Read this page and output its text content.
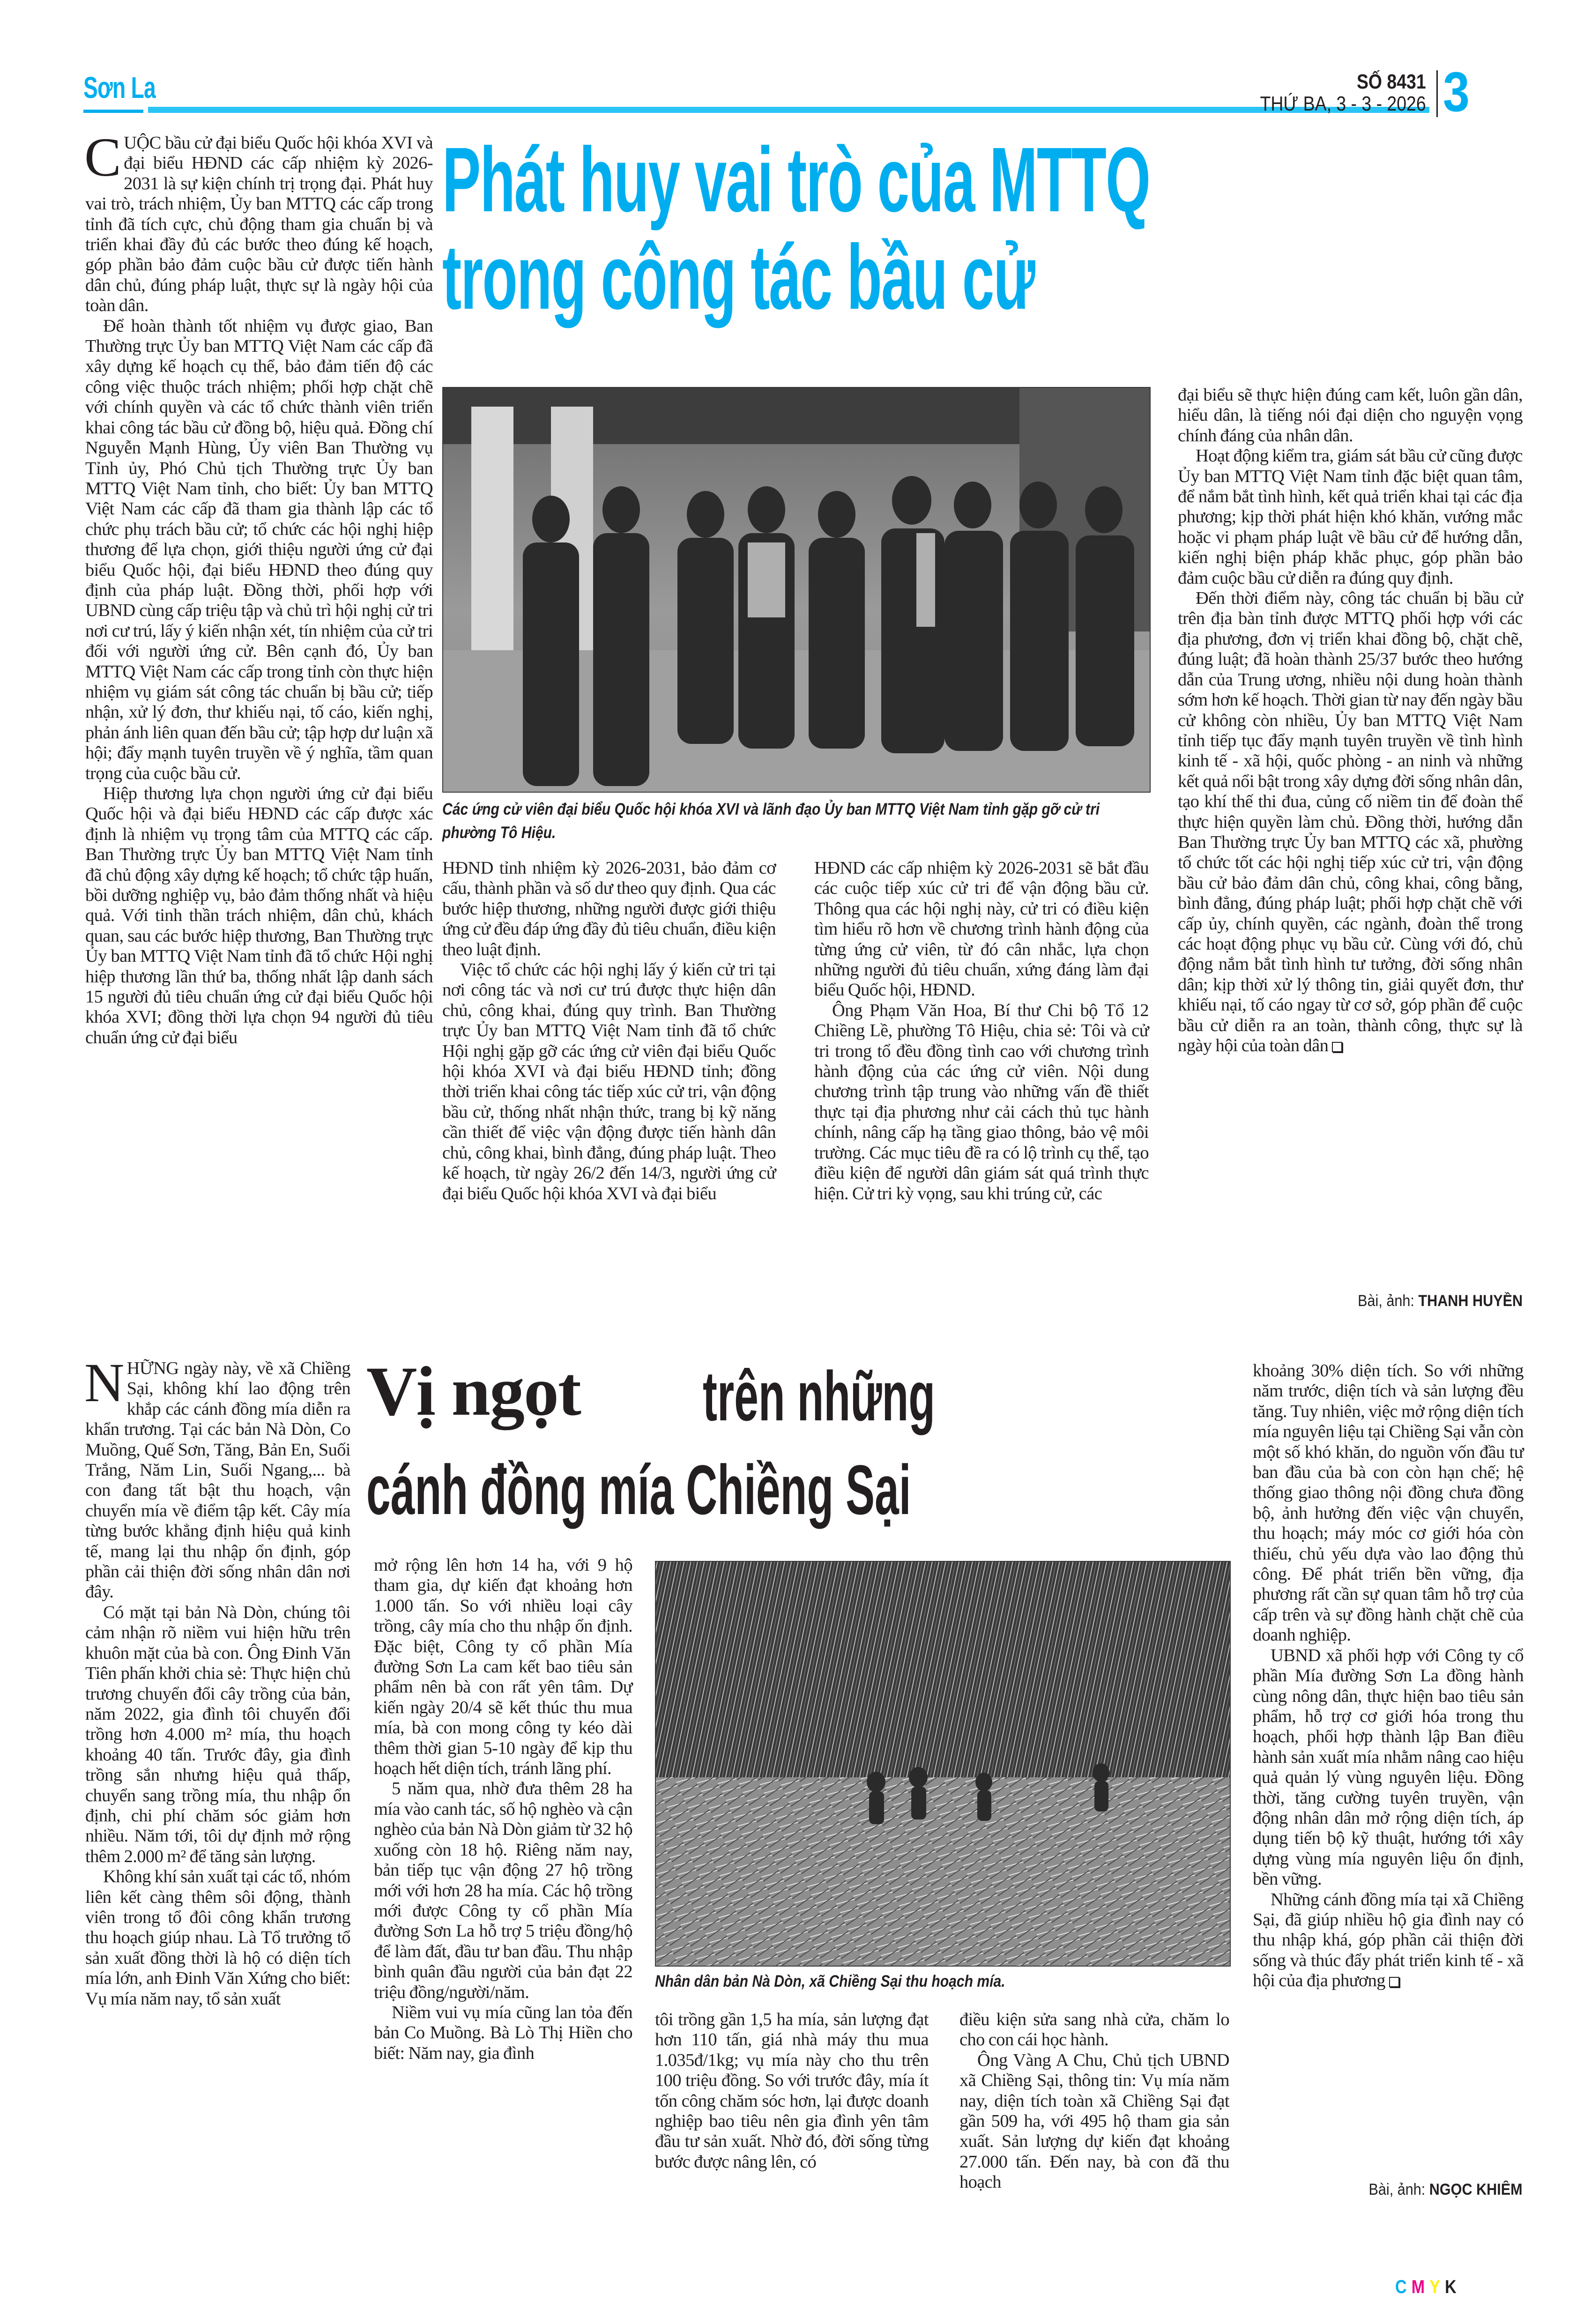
Sơn La	SỐ 8431
THỨ BA, 3 - 3 - 2026 3
Phát huy vai trò của MTTQ
trong công tác bầu cử

CUỘC bầu cử đại biểu Quốc hội khóa XVI và đại biểu HĐND các cấp nhiệm kỳ 2026-2031 là sự kiện chính trị trọng đại. Phát huy vai trò, trách nhiệm, Ủy ban MTTQ các cấp trong tỉnh đã tích cực, chủ động tham gia chuẩn bị và triển khai đầy đủ các bước theo đúng kế hoạch, góp phần bảo đảm cuộc bầu cử được tiến hành dân chủ, đúng pháp luật, thực sự là ngày hội của toàn dân.

Để hoàn thành tốt nhiệm vụ được giao, Ban Thường trực Ủy ban MTTQ Việt Nam các cấp đã xây dựng kế hoạch cụ thể, bảo đảm tiến độ các công việc thuộc trách nhiệm; phối hợp chặt chẽ với chính quyền và các tổ chức thành viên triển khai công tác bầu cử đồng bộ, hiệu quả. Đồng chí Nguyễn Mạnh Hùng, Ủy viên Ban Thường vụ Tỉnh ủy, Phó Chủ tịch Thường trực Ủy ban MTTQ Việt Nam tỉnh, cho biết: Ủy ban MTTQ Việt Nam các cấp đã tham gia thành lập các tổ chức phụ trách bầu cử; tổ chức các hội nghị hiệp thương để lựa chọn, giới thiệu người ứng cử đại biểu Quốc hội, đại biểu HĐND theo đúng quy định của pháp luật. Đồng thời, phối hợp với UBND cùng cấp triệu tập và chủ trì hội nghị cử tri nơi cư trú, lấy ý kiến nhận xét, tín nhiệm của cử tri đối với người ứng cử. Bên cạnh đó, Ủy ban MTTQ Việt Nam các cấp trong tỉnh còn thực hiện nhiệm vụ giám sát công tác chuẩn bị bầu cử; tiếp nhận, xử lý đơn, thư khiếu nại, tố cáo, kiến nghị, phản ánh liên quan đến bầu cử; tập hợp dư luận xã hội; đẩy mạnh tuyên truyền về ý nghĩa, tầm quan trọng của cuộc bầu cử.

Hiệp thương lựa chọn người ứng cử đại biểu Quốc hội và đại biểu HĐND các cấp được xác định là nhiệm vụ trọng tâm của MTTQ các cấp. Ban Thường trực Ủy ban MTTQ Việt Nam tỉnh đã chủ động xây dựng kế hoạch; tổ chức tập huấn, bồi dưỡng nghiệp vụ, bảo đảm thống nhất và hiệu quả. Với tinh thần trách nhiệm, dân chủ, khách quan, sau các bước hiệp thương, Ban Thường trực Ủy ban MTTQ Việt Nam tỉnh đã tổ chức Hội nghị hiệp thương lần thứ ba, thống nhất lập danh sách 15 người đủ tiêu chuẩn ứng cử đại biểu Quốc hội khóa XVI; đồng thời lựa chọn 94 người đủ tiêu chuẩn ứng cử đại biểu

Các ứng cử viên đại biểu Quốc hội khóa XVI và lãnh đạo Ủy ban MTTQ Việt Nam tỉnh gặp gỡ cử tri phường Tô Hiệu.

HĐND tỉnh nhiệm kỳ 2026-2031, bảo đảm cơ cấu, thành phần và số dư theo quy định. Qua các bước hiệp thương, những người được giới thiệu ứng cử đều đáp ứng đầy đủ tiêu chuẩn, điều kiện theo luật định.

Việc tổ chức các hội nghị lấy ý kiến cử tri tại nơi công tác và nơi cư trú được thực hiện dân chủ, công khai, đúng quy trình. Ban Thường trực Ủy ban MTTQ Việt Nam tỉnh đã tổ chức Hội nghị gặp gỡ các ứng cử viên đại biểu Quốc hội khóa XVI và đại biểu HĐND tỉnh; đồng thời triển khai công tác tiếp xúc cử tri, vận động bầu cử, thống nhất nhận thức, trang bị kỹ năng cần thiết để việc vận động được tiến hành dân chủ, công khai, bình đẳng, đúng pháp luật. Theo kế hoạch, từ ngày 26/2 đến 14/3, người ứng cử đại biểu Quốc hội khóa XVI và đại biểu

HĐND các cấp nhiệm kỳ 2026-2031 sẽ bắt đầu các cuộc tiếp xúc cử tri để vận động bầu cử. Thông qua các hội nghị này, cử tri có điều kiện tìm hiểu rõ hơn về chương trình hành động của từng ứng cử viên, từ đó cân nhắc, lựa chọn những người đủ tiêu chuẩn, xứng đáng làm đại biểu Quốc hội, HĐND.

Ông Phạm Văn Hoa, Bí thư Chi bộ Tổ 12 Chiềng Lề, phường Tô Hiệu, chia sẻ: Tôi và cử tri trong tổ đều đồng tình cao với chương trình hành động của các ứng cử viên. Nội dung chương trình tập trung vào những vấn đề thiết thực tại địa phương như cải cách thủ tục hành chính, nâng cấp hạ tầng giao thông, bảo vệ môi trường. Các mục tiêu đề ra có lộ trình cụ thể, tạo điều kiện để người dân giám sát quá trình thực hiện. Cử tri kỳ vọng, sau khi trúng cử, các

đại biểu sẽ thực hiện đúng cam kết, luôn gần dân, hiểu dân, là tiếng nói đại diện cho nguyện vọng chính đáng của nhân dân.

Hoạt động kiểm tra, giám sát bầu cử cũng được Ủy ban MTTQ Việt Nam tỉnh đặc biệt quan tâm, để nắm bắt tình hình, kết quả triển khai tại các địa phương; kịp thời phát hiện khó khăn, vướng mắc hoặc vi phạm pháp luật về bầu cử để hướng dẫn, kiến nghị biện pháp khắc phục, góp phần bảo đảm cuộc bầu cử diễn ra đúng quy định.

Đến thời điểm này, công tác chuẩn bị bầu cử trên địa bàn tỉnh được MTTQ phối hợp với các địa phương, đơn vị triển khai đồng bộ, chặt chẽ, đúng luật; đã hoàn thành 25/37 bước theo hướng dẫn của Trung ương, nhiều nội dung hoàn thành sớm hơn kế hoạch. Thời gian từ nay đến ngày bầu cử không còn nhiều, Ủy ban MTTQ Việt Nam tỉnh tiếp tục đẩy mạnh tuyên truyền về tình hình kinh tế - xã hội, quốc phòng - an ninh và những kết quả nổi bật trong xây dựng đời sống nhân dân, tạo khí thế thi đua, củng cố niềm tin để đoàn thể thực hiện quyền làm chủ. Đồng thời, hướng dẫn Ban Thường trực Ủy ban MTTQ các xã, phường tổ chức tốt các hội nghị tiếp xúc cử tri, vận động bầu cử bảo đảm dân chủ, công khai, công bằng, bình đẳng, đúng pháp luật; phối hợp chặt chẽ với cấp ủy, chính quyền, các ngành, đoàn thể trong các hoạt động phục vụ bầu cử. Cùng với đó, chủ động nắm bắt tình hình tư tưởng, đời sống nhân dân; kịp thời xử lý thông tin, giải quyết đơn, thư khiếu nại, tố cáo ngay từ cơ sở, góp phần để cuộc bầu cử diễn ra an toàn, thành công, thực sự là ngày hội của toàn dân

Bài, ảnh: THANH HUYỀN
Vị ngọt trên những
cánh đồng mía Chiềng Sại

NHỮNG ngày này, về xã Chiềng Sại, không khí lao động trên khắp các cánh đồng mía diễn ra khẩn trương. Tại các bản Nà Dòn, Co Muồng, Quế Sơn, Tăng, Bản En, Suối Trắng, Năm Lin, Suối Ngang,... bà con đang tất bật thu hoạch, vận chuyển mía về điểm tập kết. Cây mía từng bước khẳng định hiệu quả kinh tế, mang lại thu nhập ổn định, góp phần cải thiện đời sống nhân dân nơi đây.

Có mặt tại bản Nà Dòn, chúng tôi cảm nhận rõ niềm vui hiện hữu trên khuôn mặt của bà con. Ông Đinh Văn Tiên phấn khởi chia sẻ: Thực hiện chủ trương chuyển đổi cây trồng của bản, năm 2022, gia đình tôi chuyển đổi trồng hơn 4.000 m² mía, thu hoạch khoảng 40 tấn. Trước đây, gia đình trồng sắn nhưng hiệu quả thấp, chuyển sang trồng mía, thu nhập ổn định, chi phí chăm sóc giảm hơn nhiều. Năm tới, tôi dự định mở rộng thêm 2.000 m² để tăng sản lượng.

Không khí sản xuất tại các tổ, nhóm liên kết càng thêm sôi động, thành viên trong tổ đôi công khẩn trương thu hoạch giúp nhau. Là Tổ trưởng tổ sản xuất đồng thời là hộ có diện tích mía lớn, anh Đinh Văn Xứng cho biết: Vụ mía năm nay, tổ sản xuất

mở rộng lên hơn 14 ha, với 9 hộ tham gia, dự kiến đạt khoảng hơn 1.000 tấn. So với nhiều loại cây trồng, cây mía cho thu nhập ổn định. Đặc biệt, Công ty cổ phần Mía đường Sơn La cam kết bao tiêu sản phẩm nên bà con rất yên tâm. Dự kiến ngày 20/4 sẽ kết thúc thu mua mía, bà con mong công ty kéo dài thêm thời gian 5-10 ngày để kịp thu hoạch hết diện tích, tránh lãng phí.

5 năm qua, nhờ đưa thêm 28 ha mía vào canh tác, số hộ nghèo và cận nghèo của bản Nà Dòn giảm từ 32 hộ xuống còn 18 hộ. Riêng năm nay, bản tiếp tục vận động 27 hộ trồng mới với hơn 28 ha mía. Các hộ trồng mới được Công ty cổ phần Mía đường Sơn La hỗ trợ 5 triệu đồng/hộ để làm đất, đầu tư ban đầu. Thu nhập bình quân đầu người của bản đạt 22 triệu đồng/người/năm.

Niềm vui vụ mía cũng lan tỏa đến bản Co Muồng. Bà Lò Thị Hiền cho biết: Năm nay, gia đình

Nhân dân bản Nà Dòn, xã Chiềng Sại thu hoạch mía.

tôi trồng gần 1,5 ha mía, sản lượng đạt hơn 110 tấn, giá nhà máy thu mua 1.035đ/1kg; vụ mía này cho thu trên 100 triệu đồng. So với trước đây, mía ít tốn công chăm sóc hơn, lại được doanh nghiệp bao tiêu nên gia đình yên tâm đầu tư sản xuất. Nhờ đó, đời sống từng bước được nâng lên, có

điều kiện sửa sang nhà cửa, chăm lo cho con cái học hành.

Ông Vàng A Chu, Chủ tịch UBND xã Chiềng Sại, thông tin: Vụ mía năm nay, diện tích toàn xã Chiềng Sại đạt gần 509 ha, với 495 hộ tham gia sản xuất. Sản lượng dự kiến đạt khoảng 27.000 tấn. Đến nay, bà con đã thu hoạch

khoảng 30% diện tích. So với những năm trước, diện tích và sản lượng đều tăng. Tuy nhiên, việc mở rộng diện tích mía nguyên liệu tại Chiềng Sại vẫn còn một số khó khăn, do nguồn vốn đầu tư ban đầu của bà con còn hạn chế; hệ thống giao thông nội đồng chưa đồng bộ, ảnh hưởng đến việc vận chuyển, thu hoạch; máy móc cơ giới hóa còn thiếu, chủ yếu dựa vào lao động thủ công. Để phát triển bền vững, địa phương rất cần sự quan tâm hỗ trợ của cấp trên và sự đồng hành chặt chẽ của doanh nghiệp.

UBND xã phối hợp với Công ty cổ phần Mía đường Sơn La đồng hành cùng nông dân, thực hiện bao tiêu sản phẩm, hỗ trợ cơ giới hóa trong thu hoạch, phối hợp thành lập Ban điều hành sản xuất mía nhằm nâng cao hiệu quả quản lý vùng nguyên liệu. Đồng thời, tăng cường tuyên truyền, vận động nhân dân mở rộng diện tích, áp dụng tiến bộ kỹ thuật, hướng tới xây dựng vùng mía nguyên liệu ổn định, bền vững.

Những cánh đồng mía tại xã Chiềng Sại, đã giúp nhiều hộ gia đình nay có thu nhập khá, góp phần cải thiện đời sống và thúc đẩy phát triển kinh tế - xã hội của địa phương

Bài, ảnh: NGỌC KHIÊM
CMYK
